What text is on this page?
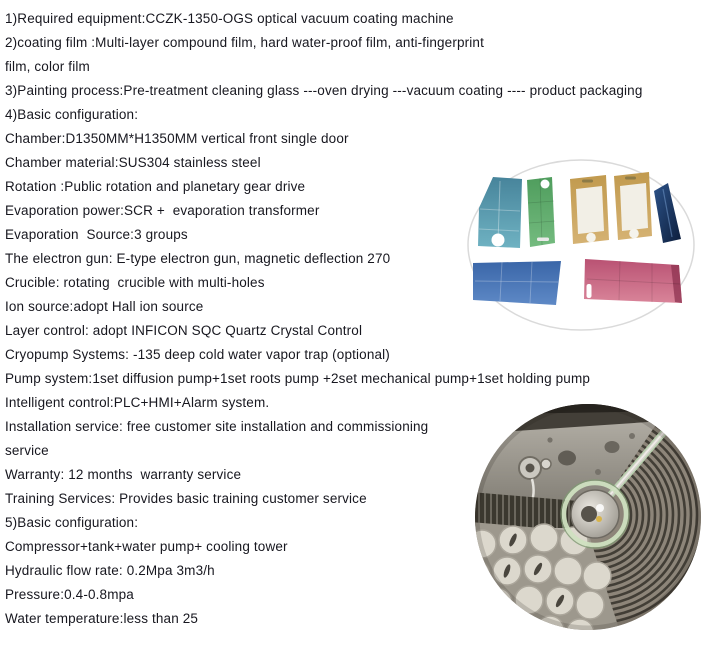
1)Required equipment:CCZK-1350-OGS optical vacuum coating machine
2)coating film :Multi-layer compound film, hard water-proof film, anti-fingerprint
film, color film
3)Painting process:Pre-treatment cleaning glass ---oven drying ---vacuum coating ---- product packaging
4)Basic configuration:
Chamber:D1350MM*H1350MM vertical front single door
Chamber material:SUS304 stainless steel
Rotation :Public rotation and planetary gear drive
Evaporation power:SCR +  evaporation transformer
Evaporation  Source:3 groups
The electron gun: E-type electron gun, magnetic deflection 270
Crucible: rotating  crucible with multi-holes
Ion source:adopt Hall ion source
Layer control: adopt INFICON SQC Quartz Crystal Control
Cryopump Systems: -135 deep cold water vapor trap (optional)
Pump system:1set diffusion pump+1set roots pump +2set mechanical pump+1set holding pump
Intelligent control:PLC+HMI+Alarm system.
Installation service: free customer site installation and commissioning
service
Warranty: 12 months  warranty service
Training Services: Provides basic training customer service
5)Basic configuration:
Compressor+tank+water pump+ cooling tower
Hydraulic flow rate: 0.2Mpa 3m3/h
Pressure:0.4-0.8mpa
Water temperature:less than 25
